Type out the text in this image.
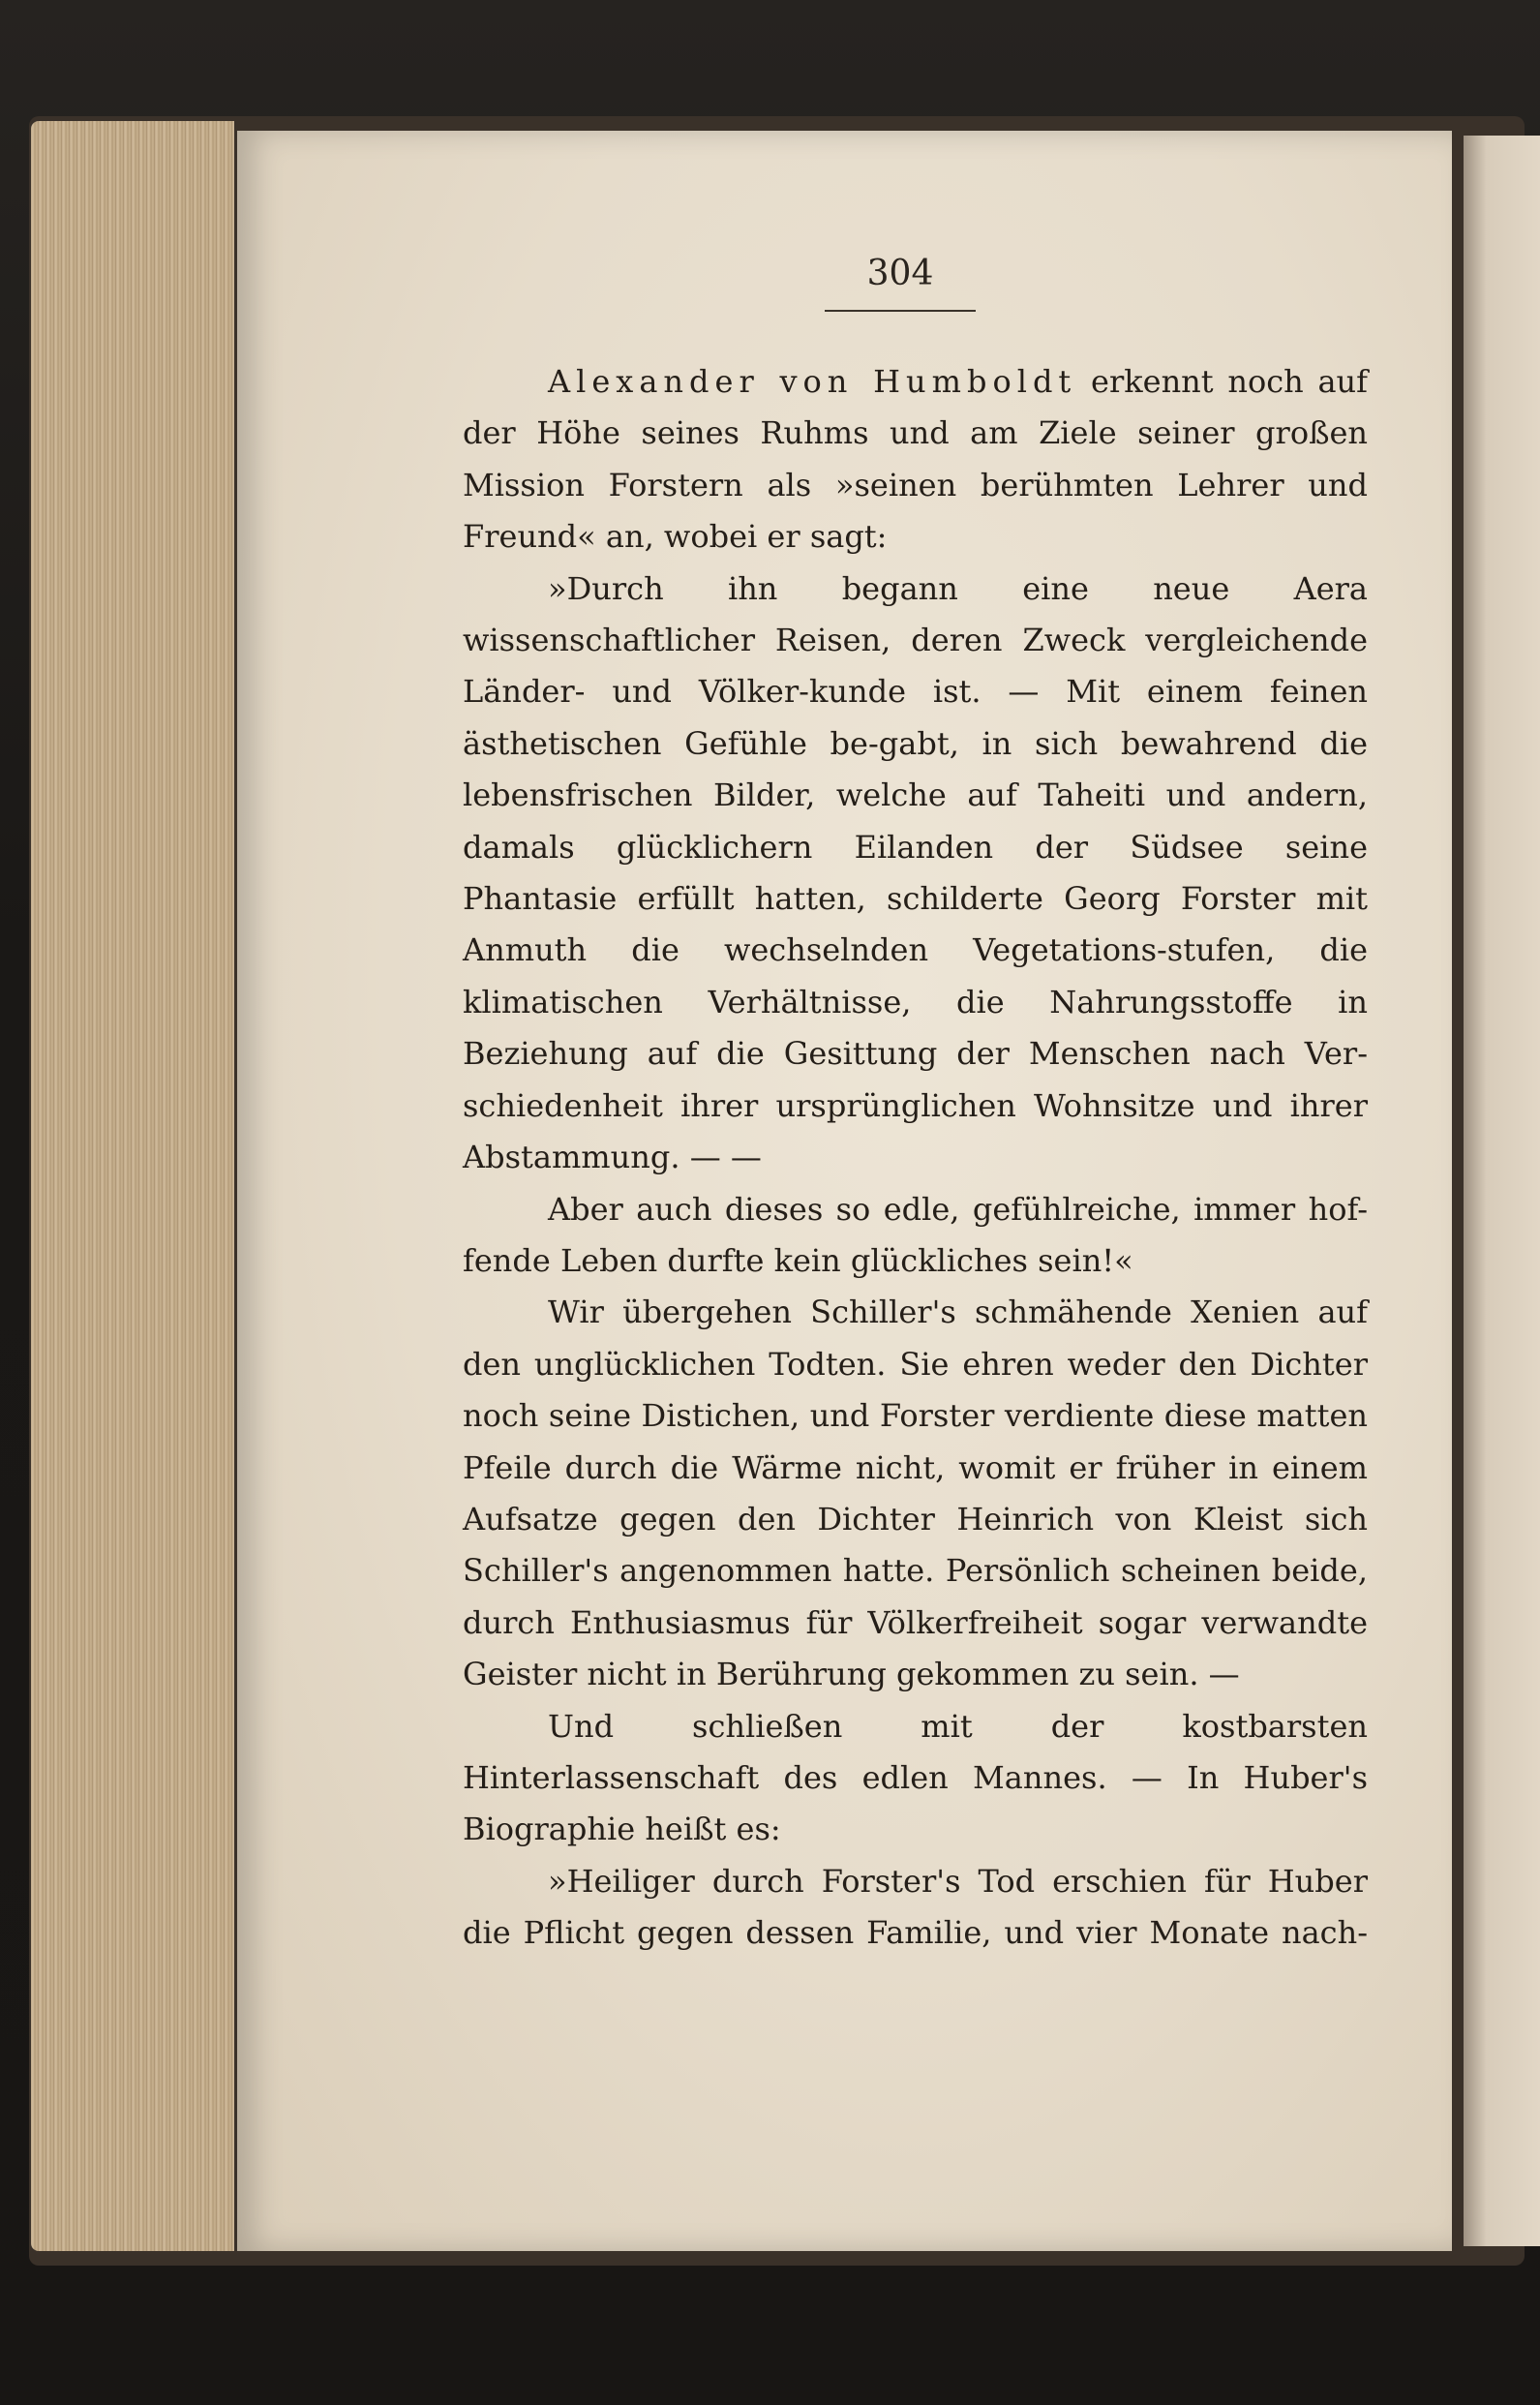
304

Alexander von Humboldt erkennt noch auf der Höhe seines Ruhms und am Ziele seiner großen Mission Forstern als »seinen berühmten Lehrer und Freund« an, wobei er sagt:

»Durch ihn begann eine neue Aera wissenschaftlicher Reisen, deren Zweck vergleichende Länder- und Völker-kunde ist. — Mit einem feinen ästhetischen Gefühle be-gabt, in sich bewahrend die lebensfrischen Bilder, welche auf Taheiti und andern, damals glücklichern Eilanden der Südsee seine Phantasie erfüllt hatten, schilderte Georg Forster mit Anmuth die wechselnden Vegetations-stufen, die klimatischen Verhältnisse, die Nahrungsstoffe in Beziehung auf die Gesittung der Menschen nach Ver-schiedenheit ihrer ursprünglichen Wohnsitze und ihrer Abstammung. — —

Aber auch dieses so edle, gefühlreiche, immer hof-fende Leben durfte kein glückliches sein!«

Wir übergehen Schiller's schmähende Xenien auf den unglücklichen Todten. Sie ehren weder den Dichter noch seine Distichen, und Forster verdiente diese matten Pfeile durch die Wärme nicht, womit er früher in einem Aufsatze gegen den Dichter Heinrich von Kleist sich Schiller's angenommen hatte. Persönlich scheinen beide, durch Enthusiasmus für Völkerfreiheit sogar verwandte Geister nicht in Berührung gekommen zu sein. —

Und schließen mit der kostbarsten Hinterlassenschaft des edlen Mannes. — In Huber's Biographie heißt es:

»Heiliger durch Forster's Tod erschien für Huber die Pflicht gegen dessen Familie, und vier Monate nach-
